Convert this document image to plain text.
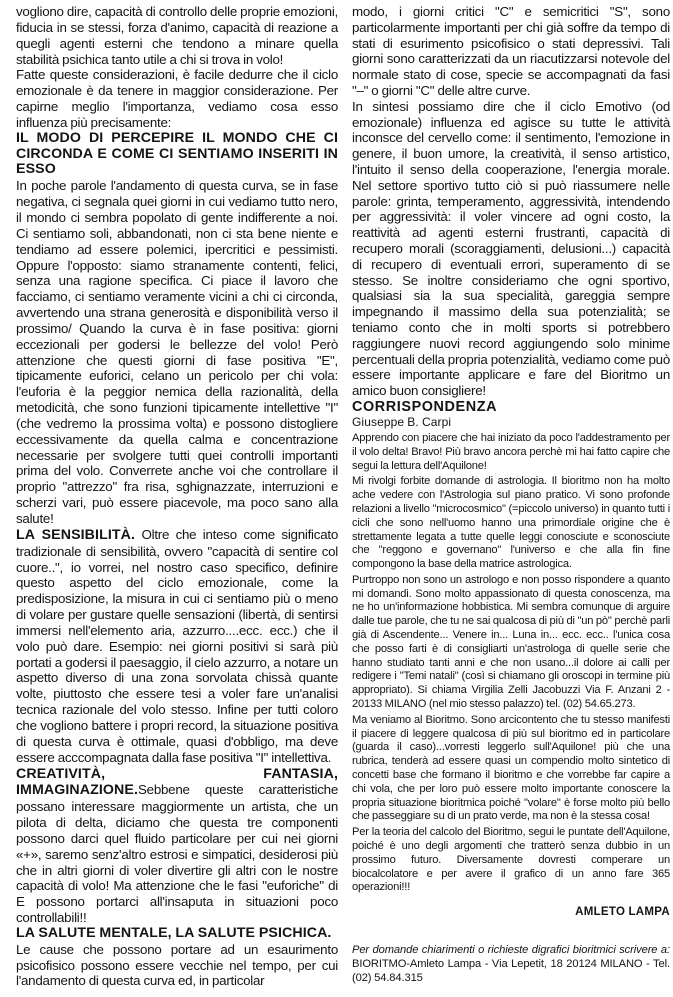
vogliono dire, capacità di controllo delle proprie emozioni, fiducia in se stessi, forza d'animo, capacità di reazione a quegli agenti esterni che tendono a minare quella stabilità psichica tanto utile a chi si trova in volo!

Fatte queste considerazioni, è facile dedurre che il ciclo emozionale è da tenere in maggior considerazione. Per capirne meglio l'importanza, vediamo cosa esso influenza più precisamente:

IL MODO DI PERCEPIRE IL MONDO CHE CI CIRCONDA E COME CI SENTIAMO INSERITI IN ESSO

In poche parole l'andamento di questa curva, se in fase negativa, ci segnala quei giorni in cui vediamo tutto nero, il mondo ci sembra popolato di gente indifferente a noi. Ci sentiamo soli, abbandonati, non ci sta bene niente e tendiamo ad essere polemici, ipercritici e pessimisti. Oppure l'opposto: siamo stranamente contenti, felici, senza una ragione specifica. Ci piace il lavoro che facciamo, ci sentiamo veramente vicini a chi ci circonda, avvertendo una strana generosità e disponibilità verso il prossimo/ Quando la curva è in fase positiva: giorni eccezionali per godersi le bellezze del volo! Però attenzione che questi giorni di fase positiva "E", tipicamente euforici, celano un pericolo per chi vola: l'euforia è la peggior nemica della razionalità, della metodicità, che sono funzioni tipicamente intellettive "I" (che vedremo la prossima volta) e possono distogliere eccessivamente da quella calma e concentrazione necessarie per svolgere tutti quei controlli importanti prima del volo. Converrete anche voi che controllare il proprio "attrezzo" fra risa, sghignazzate, interruzioni e scherzi vari, può essere piacevole, ma poco sano alla salute!

LA SENSIBILITÀ. Oltre che inteso come significato tradizionale di sensibilità, ovvero "capacità di sentire col cuore..", io vorrei, nel nostro caso specifico, definire questo aspetto del ciclo emozionale, come la predisposizione, la misura in cui ci sentiamo più o meno di volare per gustare quelle sensazioni (libertà, di sentirsi immersi nell'elemento aria, azzurro....ecc. ecc.) che il volo può dare. Esempio: nei giorni positivi si sarà più portati a godersi il paesaggio, il cielo azzurro, a notare un aspetto diverso di una zona sorvolata chissà quante volte, piuttosto che essere tesi a voler fare un'analisi tecnica razionale del volo stesso. Infine per tutti coloro che vogliono battere i propri record, la situazione positiva di questa curva è ottimale, quasi d'obbligo, ma deve essere acccompagnata dalla fase positiva "I" intellettiva.

CREATIVITÀ, FANTASIA, IMMAGINAZIONE.Sebbene queste caratteristiche possano interessare maggiormente un artista, che un pilota di delta, diciamo che questa tre componenti possono darci quel fluido particolare per cui nei giorni «+», saremo senz'altro estrosi e simpatici, desiderosi più che in altri giorni di voler divertire gli altri con le nostre capacità di volo! Ma attenzione che le fasi "euforiche" di E possono portarci all'insaputa in situazioni poco controllabili!!

LA SALUTE MENTALE, LA SALUTE PSICHICA.

Le cause che possono portare ad un esaurimento psicofisico possono essere vecchie nel tempo, per cui l'andamento di questa curva ed, in particolar

modo, i giorni critici "C" e semicritici "S", sono particolarmente importanti per chi già soffre da tempo di stati di esurimento psicofisico o stati depressivi. Tali giorni sono caratterizzati da un riacutizzarsi notevole del normale stato di cose, specie se accompagnati da fasi "–" o giorni "C" delle altre curve.

In sintesi possiamo dire che il ciclo Emotivo (od emozionale) influenza ed agisce su tutte le attività inconsce del cervello come: il sentimento, l'emozione in genere, il buon umore, la creatività, il senso artistico, l'intuito il senso della cooperazione, l'energia morale. Nel settore sportivo tutto ciò si può riassumere nelle parole: grinta, temperamento, aggressività, intendendo per aggressività: il voler vincere ad ogni costo, la reattività ad agenti esterni frustranti, capacità di recupero morali (scoraggiamenti, delusioni...) capacità di recupero di eventuali errori, superamento di se stesso. Se inoltre consideriamo che ogni sportivo, qualsiasi sia la sua specialità, gareggia sempre impegnando il massimo della sua potenzialità; se teniamo conto che in molti sports si potrebbero raggiungere nuovi record aggiungendo solo minime percentuali della propria potenzialità, vediamo come può essere importante applicare e fare del Bioritmo un amico buon consigliere!

CORRISPONDENZA

Giuseppe B. Carpi

Apprendo con piacere che hai iniziato da poco l'addestramento per il volo delta! Bravo! Più bravo ancora perchè mi hai fatto capire che segui la lettura dell'Aquilone!

Mi rivolgi forbite domande di astrologia. Il bioritmo non ha molto ache vedere con l'Astrologia sul piano pratico. Vi sono profonde relazioni a livello "microcosmico" (=piccolo universo) in quanto tutti i cicli che sono nell'uomo hanno una primordiale origine che è strettamente legata a tutte quelle leggi conosciute e sconosciute che "reggono e governano" l'universo e che alla fin fine compongono la base della matrice astrologica.

Purtroppo non sono un astrologo e non posso rispondere a quanto mi domandi. Sono molto appassionato di questa conoscenza, ma ne ho un'informazione hobbistica. Mi sembra comunque di arguire dalle tue parole, che tu ne sai qualcosa di più di "un pò" perchè parli già di Ascendente... Venere in... Luna in... ecc. ecc.. l'unica cosa che posso farti è di consigliarti un'astrologa di quelle serie che hanno studiato tanti anni e che non usano...il dolore ai calli per redigere i "Temi natali" (così si chiamano gli oroscopi in termine più appropriato). Si chiama Virgilia Zelli Jacobuzzi Via F. Anzani 2 - 20133 MILANO (nel mio stesso palazzo) tel. (02) 54.65.273.

Ma veniamo al Bioritmo. Sono arcicontento che tu stesso manifesti il piacere di leggere qualcosa di più sul bioritmo ed in particolare (guarda il caso)...vorresti leggerlo sull'Aquilone! più che una rubrica, tenderà ad essere quasi un compendio molto sintetico di concetti base che formano il bioritmo e che vorrebbe far capire a chi vola, che per loro può essere molto importante conoscere la propria situazione bioritmica poiché "volare" è forse molto più bello che passeggiare su di un prato verde, ma non è la stessa cosa!

Per la teoria del calcolo del Bioritmo, segui le puntate dell'Aquilone, poiché è uno degli argomenti che tratterò senza dubbio in un prossimo futuro. Diversamente dovresti comperare un biocalcolatore e per avere il grafico di un anno fare 365 operazioni!!!

AMLETO LAMPA

Per domande chiarimenti o richieste digrafici bioritmici scrivere a: BIORITMO-Amleto Lampa - Via Lepetit, 18 20124 MILANO - Tel. (02) 54.84.315
